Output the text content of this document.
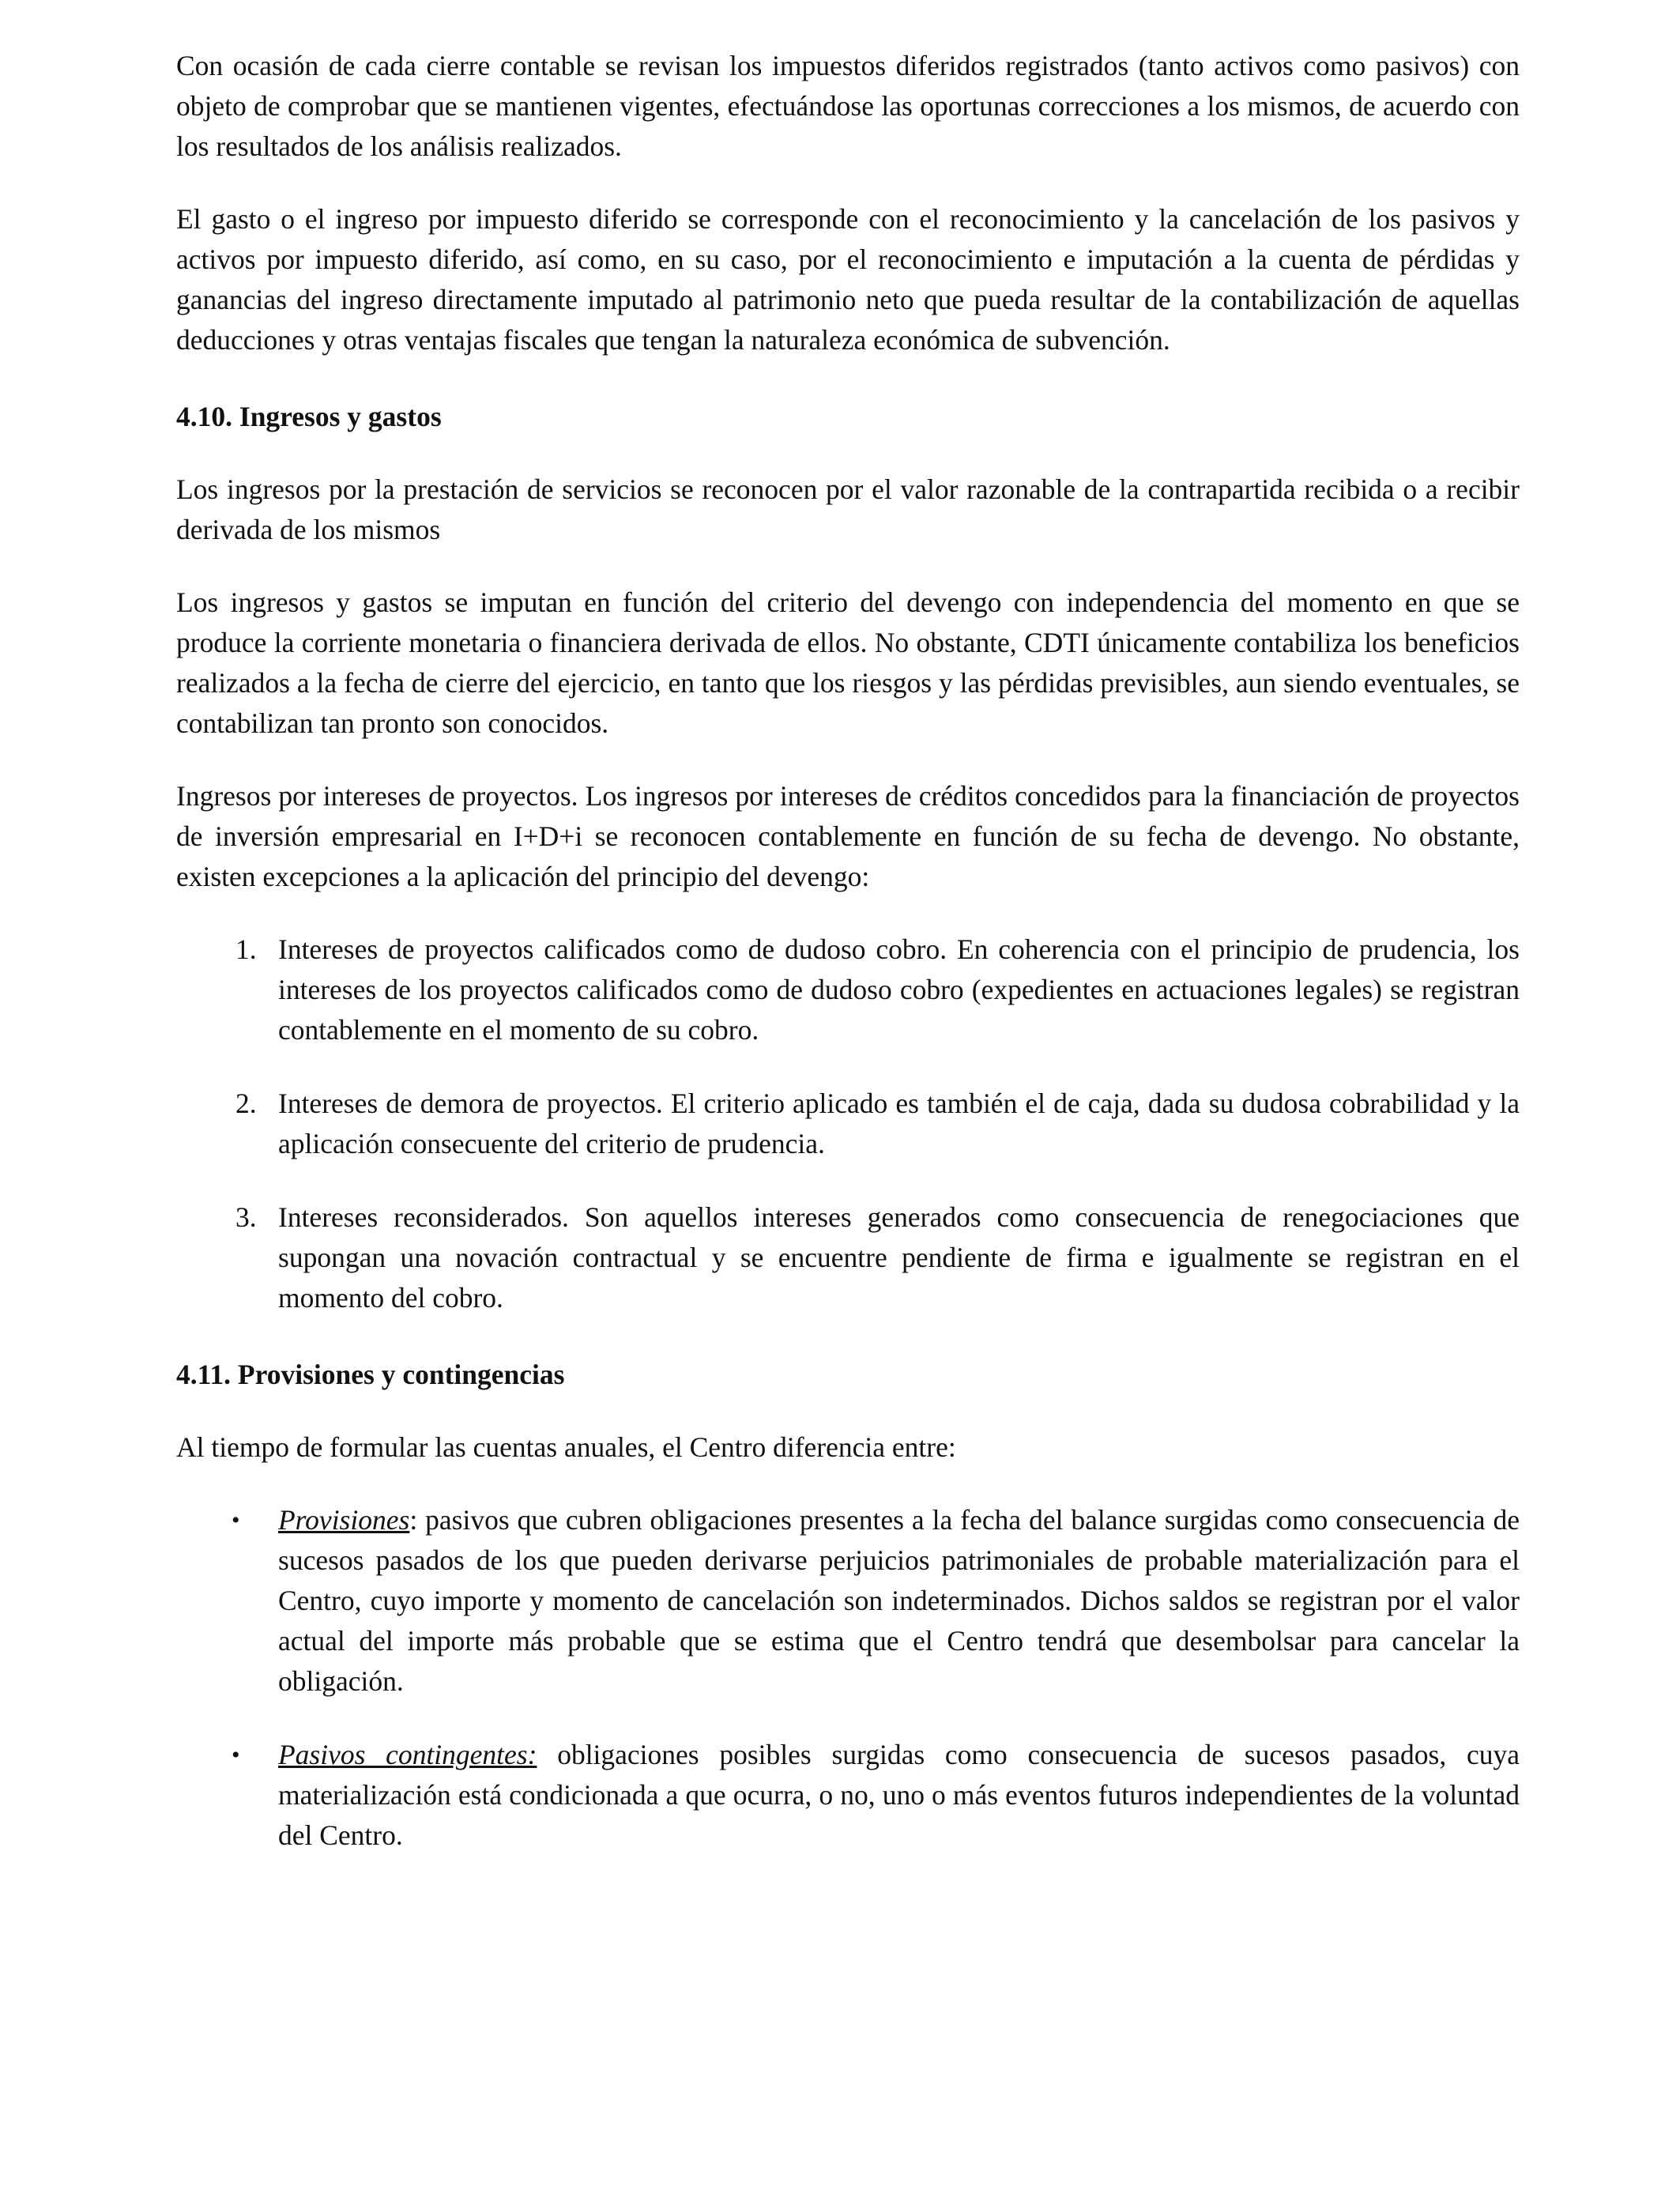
Con ocasión de cada cierre contable se revisan los impuestos diferidos registrados (tanto activos como pasivos) con objeto de comprobar que se mantienen vigentes, efectuándose las oportunas correcciones a los mismos, de acuerdo con los resultados de los análisis realizados.

El gasto o el ingreso por impuesto diferido se corresponde con el reconocimiento y la cancelación de los pasivos y activos por impuesto diferido, así como, en su caso, por el reconocimiento e imputación a la cuenta de pérdidas y ganancias del ingreso directamente imputado al patrimonio neto que pueda resultar de la contabilización de aquellas deducciones y otras ventajas fiscales que tengan la naturaleza económica de subvención.

4.10. Ingresos y gastos

Los ingresos por la prestación de servicios se reconocen por el valor razonable de la contrapartida recibida o a recibir derivada de los mismos

Los ingresos y gastos se imputan en función del criterio del devengo con independencia del momento en que se produce la corriente monetaria o financiera derivada de ellos. No obstante, CDTI únicamente contabiliza los beneficios realizados a la fecha de cierre del ejercicio, en tanto que los riesgos y las pérdidas previsibles, aun siendo eventuales, se contabilizan tan pronto son conocidos.

Ingresos por intereses de proyectos. Los ingresos por intereses de créditos concedidos para la financiación de proyectos de inversión empresarial en I+D+i se reconocen contablemente en función de su fecha de devengo. No obstante, existen excepciones a la aplicación del principio del devengo:

1. Intereses de proyectos calificados como de dudoso cobro. En coherencia con el principio de prudencia, los intereses de los proyectos calificados como de dudoso cobro (expedientes en actuaciones legales) se registran contablemente en el momento de su cobro.
2. Intereses de demora de proyectos. El criterio aplicado es también el de caja, dada su dudosa cobrabilidad y la aplicación consecuente del criterio de prudencia.
3. Intereses reconsiderados. Son aquellos intereses generados como consecuencia de renegociaciones que supongan una novación contractual y se encuentre pendiente de firma e igualmente se registran en el momento del cobro.
4.11. Provisiones y contingencias

Al tiempo de formular las cuentas anuales, el Centro diferencia entre:

• Provisiones: pasivos que cubren obligaciones presentes a la fecha del balance surgidas como consecuencia de sucesos pasados de los que pueden derivarse perjuicios patrimoniales de probable materialización para el Centro, cuyo importe y momento de cancelación son indeterminados. Dichos saldos se registran por el valor actual del importe más probable que se estima que el Centro tendrá que desembolsar para cancelar la obligación.
• Pasivos contingentes: obligaciones posibles surgidas como consecuencia de sucesos pasados, cuya materialización está condicionada a que ocurra, o no, uno o más eventos futuros independientes de la voluntad del Centro.
